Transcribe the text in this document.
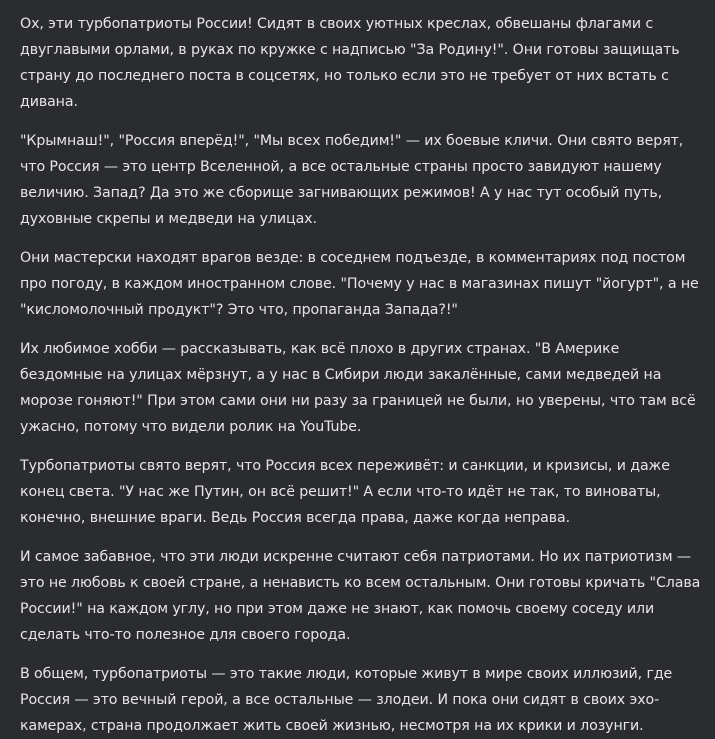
Ох, эти турбопатриоты России! Сидят в своих уютных креслах, обвешаны флагами с двуглавыми орлами, в руках по кружке с надписью "За Родину!". Они готовы защищать страну до последнего поста в соцсетях, но только если это не требует от них встать с дивана.

"Крымнаш!", "Россия вперёд!", "Мы всех победим!" — их боевые кличи. Они свято верят, что Россия — это центр Вселенной, а все остальные страны просто завидуют нашему величию. Запад? Да это же сборище загнивающих режимов! А у нас тут особый путь, духовные скрепы и медведи на улицах.

Они мастерски находят врагов везде: в соседнем подъезде, в комментариях под постом про погоду, в каждом иностранном слове. "Почему у нас в магазинах пишут "йогурт", а не "кисломолочный продукт"? Это что, пропаганда Запада?!"

Их любимое хобби — рассказывать, как всё плохо в других странах. "В Америке бездомные на улицах мёрзнут, а у нас в Сибири люди закалённые, сами медведей на морозе гоняют!" При этом сами они ни разу за границей не были, но уверены, что там всё ужасно, потому что видели ролик на YouTube.

Турбопатриоты свято верят, что Россия всех переживёт: и санкции, и кризисы, и даже конец света. "У нас же Путин, он всё решит!" А если что-то идёт не так, то виноваты, конечно, внешние враги. Ведь Россия всегда права, даже когда неправа.

И самое забавное, что эти люди искренне считают себя патриотами. Но их патриотизм — это не любовь к своей стране, а ненависть ко всем остальным. Они готовы кричать "Слава России!" на каждом углу, но при этом даже не знают, как помочь своему соседу или сделать что-то полезное для своего города.

В общем, турбопатриоты — это такие люди, которые живут в мире своих иллюзий, где Россия — это вечный герой, а все остальные — злодеи. И пока они сидят в своих эхо-камерах, страна продолжает жить своей жизнью, несмотря на их крики и лозунги.
